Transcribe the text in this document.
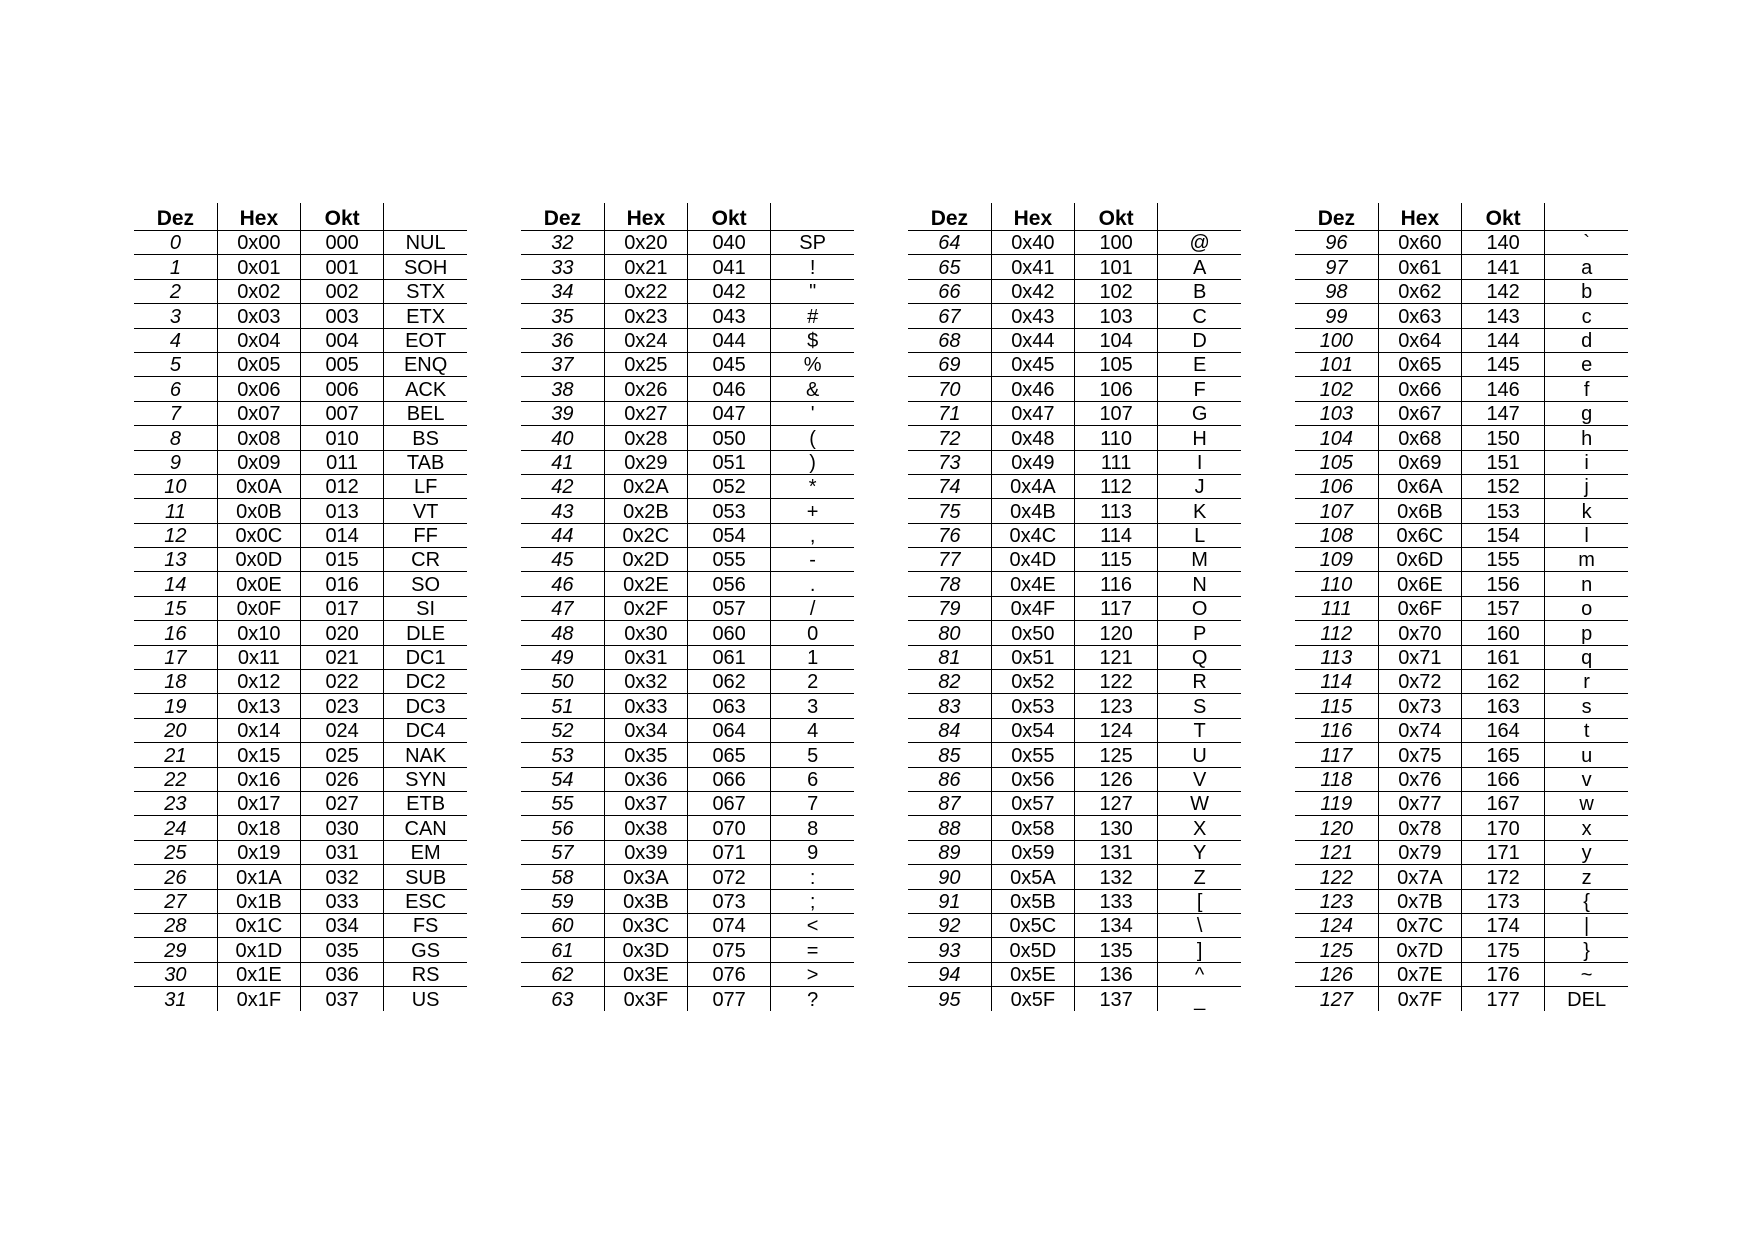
Dez	Hex	Okt	
0	0x00	000	NUL
1	0x01	001	SOH
2	0x02	002	STX
3	0x03	003	ETX
4	0x04	004	EOT
5	0x05	005	ENQ
6	0x06	006	ACK
7	0x07	007	BEL
8	0x08	010	BS
9	0x09	011	TAB
10	0x0A	012	LF
11	0x0B	013	VT
12	0x0C	014	FF
13	0x0D	015	CR
14	0x0E	016	SO
15	0x0F	017	SI
16	0x10	020	DLE
17	0x11	021	DC1
18	0x12	022	DC2
19	0x13	023	DC3
20	0x14	024	DC4
21	0x15	025	NAK
22	0x16	026	SYN
23	0x17	027	ETB
24	0x18	030	CAN
25	0x19	031	EM
26	0x1A	032	SUB
27	0x1B	033	ESC
28	0x1C	034	FS
29	0x1D	035	GS
30	0x1E	036	RS
31	0x1F	037	US
Dez	Hex	Okt	
32	0x20	040	SP
33	0x21	041	!
34	0x22	042	"
35	0x23	043	#
36	0x24	044	$
37	0x25	045	%
38	0x26	046	&
39	0x27	047	'
40	0x28	050	(
41	0x29	051	)
42	0x2A	052	*
43	0x2B	053	+
44	0x2C	054	,
45	0x2D	055	-
46	0x2E	056	.
47	0x2F	057	/
48	0x30	060	0
49	0x31	061	1
50	0x32	062	2
51	0x33	063	3
52	0x34	064	4
53	0x35	065	5
54	0x36	066	6
55	0x37	067	7
56	0x38	070	8
57	0x39	071	9
58	0x3A	072	:
59	0x3B	073	;
60	0x3C	074	<
61	0x3D	075	=
62	0x3E	076	>
63	0x3F	077	?
Dez	Hex	Okt	
64	0x40	100	@
65	0x41	101	A
66	0x42	102	B
67	0x43	103	C
68	0x44	104	D
69	0x45	105	E
70	0x46	106	F
71	0x47	107	G
72	0x48	110	H
73	0x49	111	I
74	0x4A	112	J
75	0x4B	113	K
76	0x4C	114	L
77	0x4D	115	M
78	0x4E	116	N
79	0x4F	117	O
80	0x50	120	P
81	0x51	121	Q
82	0x52	122	R
83	0x53	123	S
84	0x54	124	T
85	0x55	125	U
86	0x56	126	V
87	0x57	127	W
88	0x58	130	X
89	0x59	131	Y
90	0x5A	132	Z
91	0x5B	133	[
92	0x5C	134	\
93	0x5D	135	]
94	0x5E	136	^
95	0x5F	137	_
Dez	Hex	Okt	
96	0x60	140	`
97	0x61	141	a
98	0x62	142	b
99	0x63	143	c
100	0x64	144	d
101	0x65	145	e
102	0x66	146	f
103	0x67	147	g
104	0x68	150	h
105	0x69	151	i
106	0x6A	152	j
107	0x6B	153	k
108	0x6C	154	l
109	0x6D	155	m
110	0x6E	156	n
111	0x6F	157	o
112	0x70	160	p
113	0x71	161	q
114	0x72	162	r
115	0x73	163	s
116	0x74	164	t
117	0x75	165	u
118	0x76	166	v
119	0x77	167	w
120	0x78	170	x
121	0x79	171	y
122	0x7A	172	z
123	0x7B	173	{
124	0x7C	174	|
125	0x7D	175	}
126	0x7E	176	~
127	0x7F	177	DEL
